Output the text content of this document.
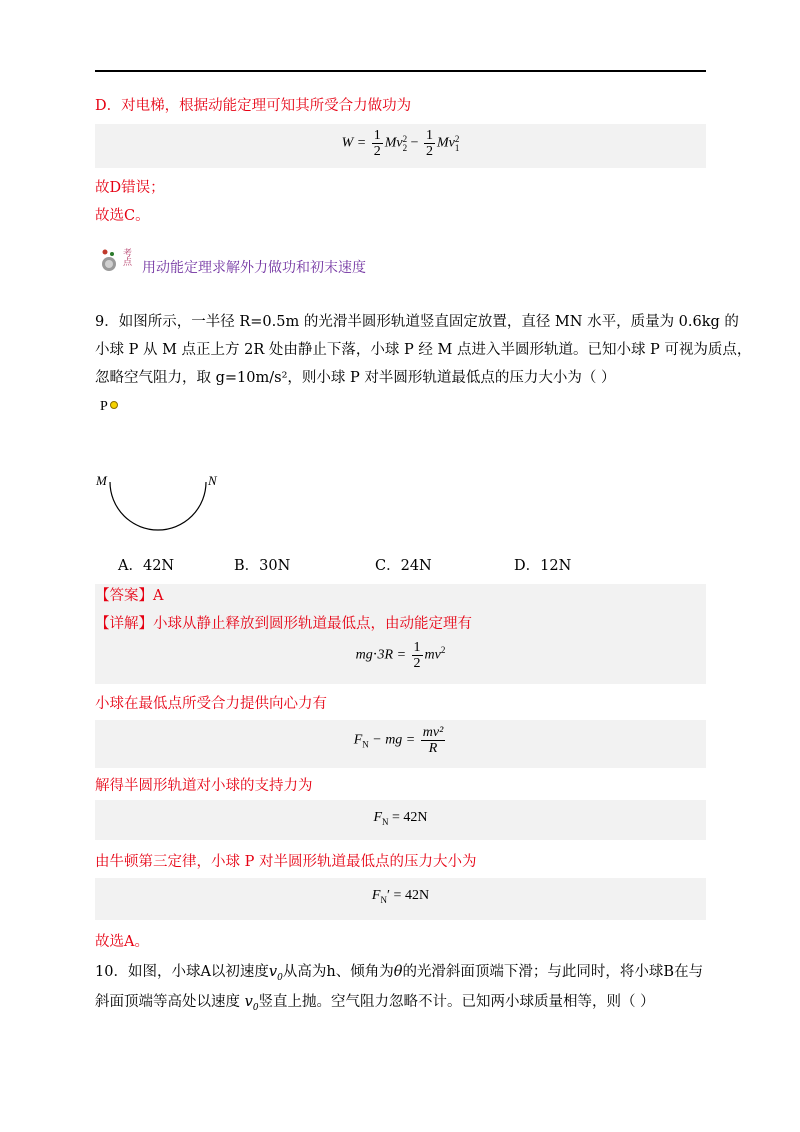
D．对电梯，根据动能定理可知其所受合力做功为
$W = \frac{1}{2}$ Mv 2
$2 - \frac{1}{2}$ Mv 2
1
故D错误；
故选C。
考点
用动能定理求解外力做功和初末速度
9．如图所示，一半径 R=0.5m 的光滑半圆形轨道竖直固定放置，直径 MN 水平，质量为 0.6kg 的
小球 P 从 M 点正上方 2R 处由静止下落，小球 P 经 M 点进入半圆形轨道。已知小球 P 可视为质点，
忽略空气阻力，取 g=10m/s²，则小球 P 对半圆形轨道最低点的压力大小为（ ）
P
M	N
A．42N	B．30N	C．24N	D．12N
【答案】A
【详解】小球从静止释放到圆形轨道最低点，由动能定理有
$mg\cdot 3R = \frac{1}{2} mv^2$
小球在最低点所受合力提供向心力有
$F_N$ − mg = $\frac{\text{mv²}}{R}$
解得半圆形轨道对小球的支持力为
$F_N = 42N$
由牛顿第三定律，小球 P 对半圆形轨道最低点的压力大小为
$F_N' = 42N$
故选A。
10．如图，小球A以初速度$v_0$从高为h、倾角为θ的光滑斜面顶端下滑；与此同时，将小球B在与
斜面顶端等高处以速度 $v_0$竖直上抛。空气阻力忽略不计。已知两小球质量相等，则（ ）
